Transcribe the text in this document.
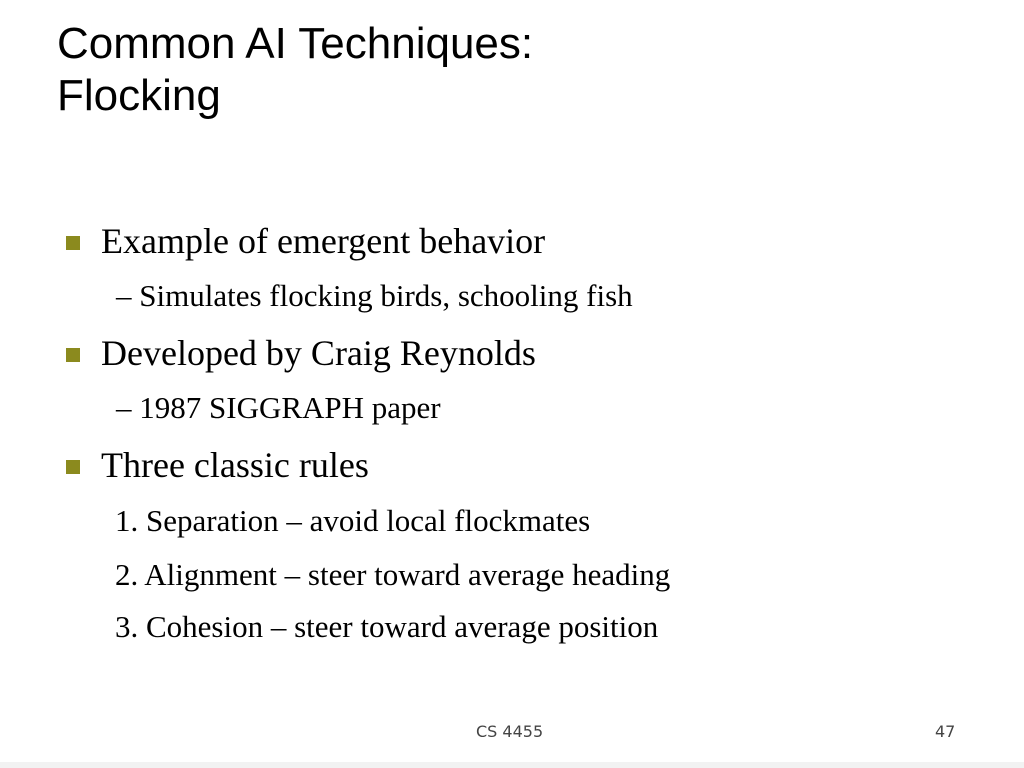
Common AI Techniques:
Flocking
Example of emergent behavior
– Simulates flocking birds, schooling fish
Developed by Craig Reynolds
– 1987 SIGGRAPH paper
Three classic rules
1. Separation – avoid local flockmates
2. Alignment – steer toward average heading
3. Cohesion – steer toward average position
CS 4455	47
